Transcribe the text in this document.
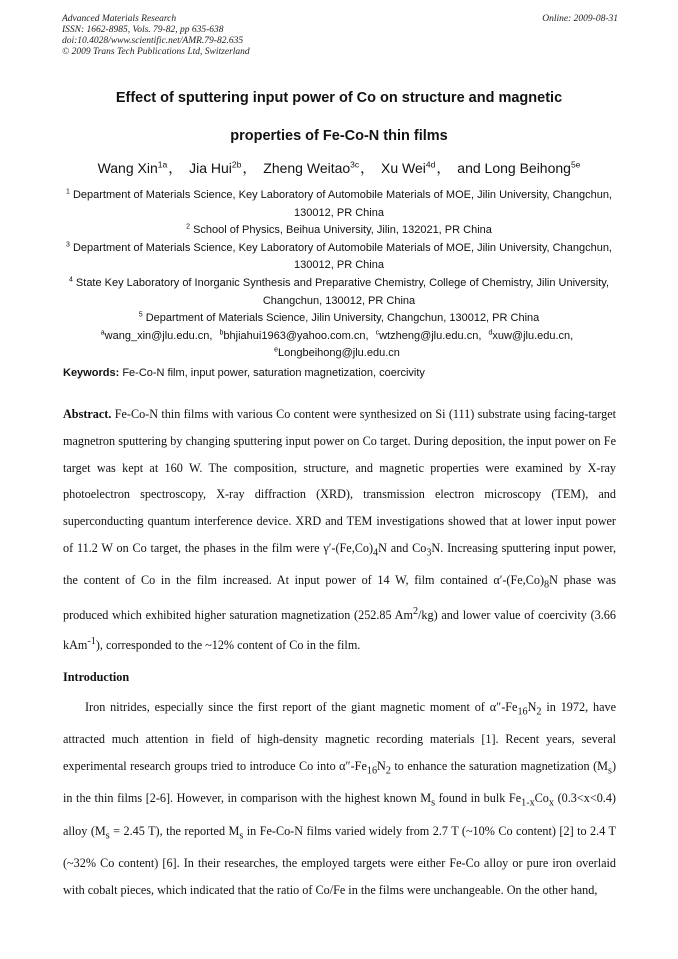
Advanced Materials Research
ISSN: 1662-8985, Vols. 79-82, pp 635-638
doi:10.4028/www.scientific.net/AMR.79-82.635
© 2009 Trans Tech Publications Ltd, Switzerland
Online: 2009-08-31
Effect of sputtering input power of Co on structure and magnetic
properties of Fe-Co-N thin films
Wang Xin$^{1a}$， Jia Hui$^{2b}$， Zheng Weitao$^{3c}$， Xu Wei$^{4d}$， and Long Beihong$^{5e}$
$^1$ Department of Materials Science, Key Laboratory of Automobile Materials of MOE, Jilin University, Changchun, 130012, PR China
$^2$ School of Physics, Beihua University, Jilin, 132021, PR China
$^3$ Department of Materials Science, Key Laboratory of Automobile Materials of MOE, Jilin University, Changchun, 130012, PR China
$^4$ State Key Laboratory of Inorganic Synthesis and Preparative Chemistry, College of Chemistry, Jilin University, Changchun, 130012, PR China
$^5$ Department of Materials Science, Jilin University, Changchun, 130012, PR China
$^a$wang_xin@jlu.edu.cn, $^b$bhjiahui1963@yahoo.com.cn, $^c$wtzheng@jlu.edu.cn, $^d$xuw@jlu.edu.cn,
$^e$Longbeihong@jlu.edu.cn
Keywords: Fe-Co-N film, input power, saturation magnetization, coercivity
Abstract. Fe-Co-N thin films with various Co content were synthesized on Si (111) substrate using facing-target magnetron sputtering by changing sputtering input power on Co target. During deposition, the input power on Fe target was kept at 160 W. The composition, structure, and magnetic properties were examined by X-ray photoelectron spectroscopy, X-ray diffraction (XRD), transmission electron microscopy (TEM), and superconducting quantum interference device. XRD and TEM investigations showed that at lower input power of 11.2 W on Co target, the phases in the film were $\gamma'-(Fe,Co)_4N$ and $Co_3N$. Increasing sputtering input power, the content of Co in the film increased. At input power of 14 W, film contained $\alpha'-(Fe,Co)_8N$ phase was produced which exhibited higher saturation magnetization (252.85 Am$^2$/kg) and lower value of coercivity (3.66 kAm$^{-1}$), corresponded to the ~12% content of Co in the film.
Introduction
Iron nitrides, especially since the first report of the giant magnetic moment of $\alpha''-Fe_{16}N_2$ in 1972, have attracted much attention in field of high-density magnetic recording materials [1]. Recent years, several experimental research groups tried to introduce Co into $\alpha''-Fe_{16}N_2$ to enhance the saturation magnetization $(M_s)$ in the thin films [2-6]. However, in comparison with the highest known $M_s$ found in bulk $Fe_{1-x}Co_x$ (0.3<x<0.4) alloy ($M_s = 2.45$ T), the reported $M_s$ in Fe-Co-N films varied widely from 2.7 T (~10% Co content) [2] to 2.4 T (~32% Co content) [6]. In their researches, the employed targets were either Fe-Co alloy or pure iron overlaid with cobalt pieces, which indicated that the ratio of Co/Fe in the films were unchangeable. On the other hand,
